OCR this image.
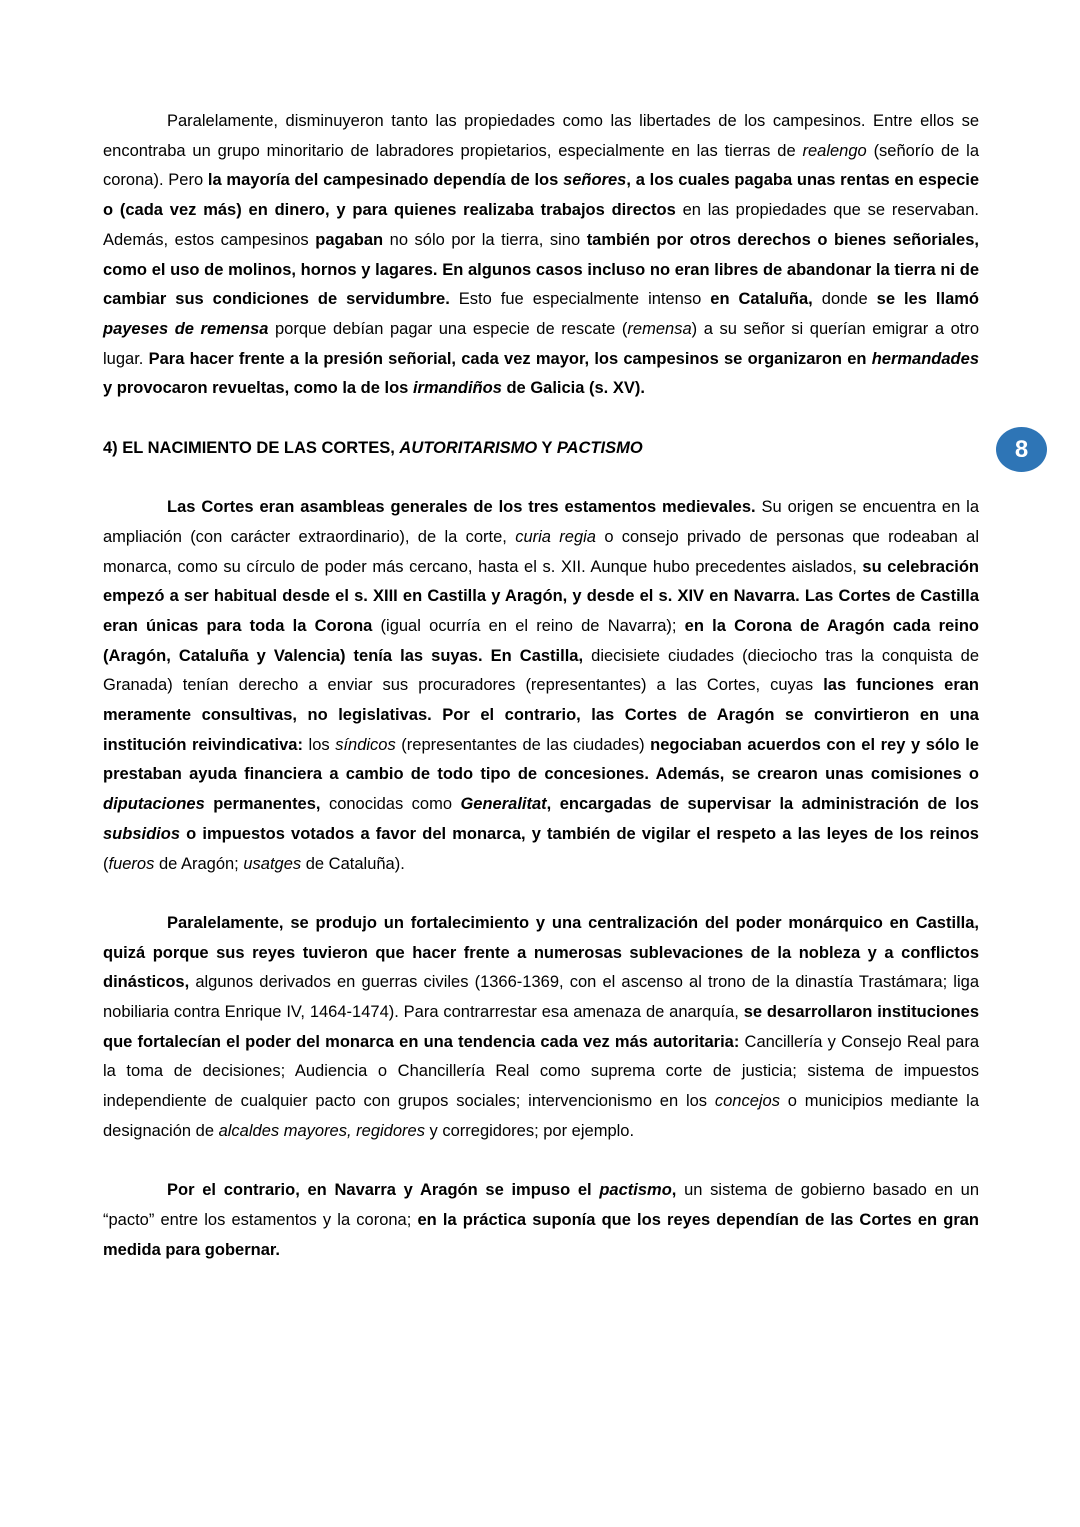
Paralelamente, disminuyeron tanto las propiedades como las libertades de los campesinos. Entre ellos se encontraba un grupo minoritario de labradores propietarios, especialmente en las tierras de realengo (señorío de la corona). Pero la mayoría del campesinado dependía de los señores, a los cuales pagaba unas rentas en especie o (cada vez más) en dinero, y para quienes realizaba trabajos directos en las propiedades que se reservaban. Además, estos campesinos pagaban no sólo por la tierra, sino también por otros derechos o bienes señoriales, como el uso de molinos, hornos y lagares. En algunos casos incluso no eran libres de abandonar la tierra ni de cambiar sus condiciones de servidumbre. Esto fue especialmente intenso en Cataluña, donde se les llamó payeses de remensa porque debían pagar una especie de rescate (remensa) a su señor si querían emigrar a otro lugar. Para hacer frente a la presión señorial, cada vez mayor, los campesinos se organizaron en hermandades y provocaron revueltas, como la de los irmandiños de Galicia (s. XV).

4) EL NACIMIENTO DE LAS CORTES, AUTORITARISMO Y PACTISMO

Las Cortes eran asambleas generales de los tres estamentos medievales. Su origen se encuentra en la ampliación (con carácter extraordinario), de la corte, curia regia o consejo privado de personas que rodeaban al monarca, como su círculo de poder más cercano, hasta el s. XII. Aunque hubo precedentes aislados, su celebración empezó a ser habitual desde el s. XIII en Castilla y Aragón, y desde el s. XIV en Navarra. Las Cortes de Castilla eran únicas para toda la Corona (igual ocurría en el reino de Navarra); en la Corona de Aragón cada reino (Aragón, Cataluña y Valencia) tenía las suyas. En Castilla, diecisiete ciudades (dieciocho tras la conquista de Granada) tenían derecho a enviar sus procuradores (representantes) a las Cortes, cuyas las funciones eran meramente consultivas, no legislativas. Por el contrario, las Cortes de Aragón se convirtieron en una institución reivindicativa: los síndicos (representantes de las ciudades) negociaban acuerdos con el rey y sólo le prestaban ayuda financiera a cambio de todo tipo de concesiones. Además, se crearon unas comisiones o diputaciones permanentes, conocidas como Generalitat, encargadas de supervisar la administración de los subsidios o impuestos votados a favor del monarca, y también de vigilar el respeto a las leyes de los reinos (fueros de Aragón; usatges de Cataluña).

Paralelamente, se produjo un fortalecimiento y una centralización del poder monárquico en Castilla, quizá porque sus reyes tuvieron que hacer frente a numerosas sublevaciones de la nobleza y a conflictos dinásticos, algunos derivados en guerras civiles (1366-1369, con el ascenso al trono de la dinastía Trastámara; liga nobiliaria contra Enrique IV, 1464-1474). Para contrarrestar esa amenaza de anarquía, se desarrollaron instituciones que fortalecían el poder del monarca en una tendencia cada vez más autoritaria: Cancillería y Consejo Real para la toma de decisiones; Audiencia o Chancillería Real como suprema corte de justicia; sistema de impuestos independiente de cualquier pacto con grupos sociales; intervencionismo en los concejos o municipios mediante la designación de alcaldes mayores, regidores y corregidores; por ejemplo.

Por el contrario, en Navarra y Aragón se impuso el pactismo, un sistema de gobierno basado en un “pacto” entre los estamentos y la corona; en la práctica suponía que los reyes dependían de las Cortes en gran medida para gobernar.

8
